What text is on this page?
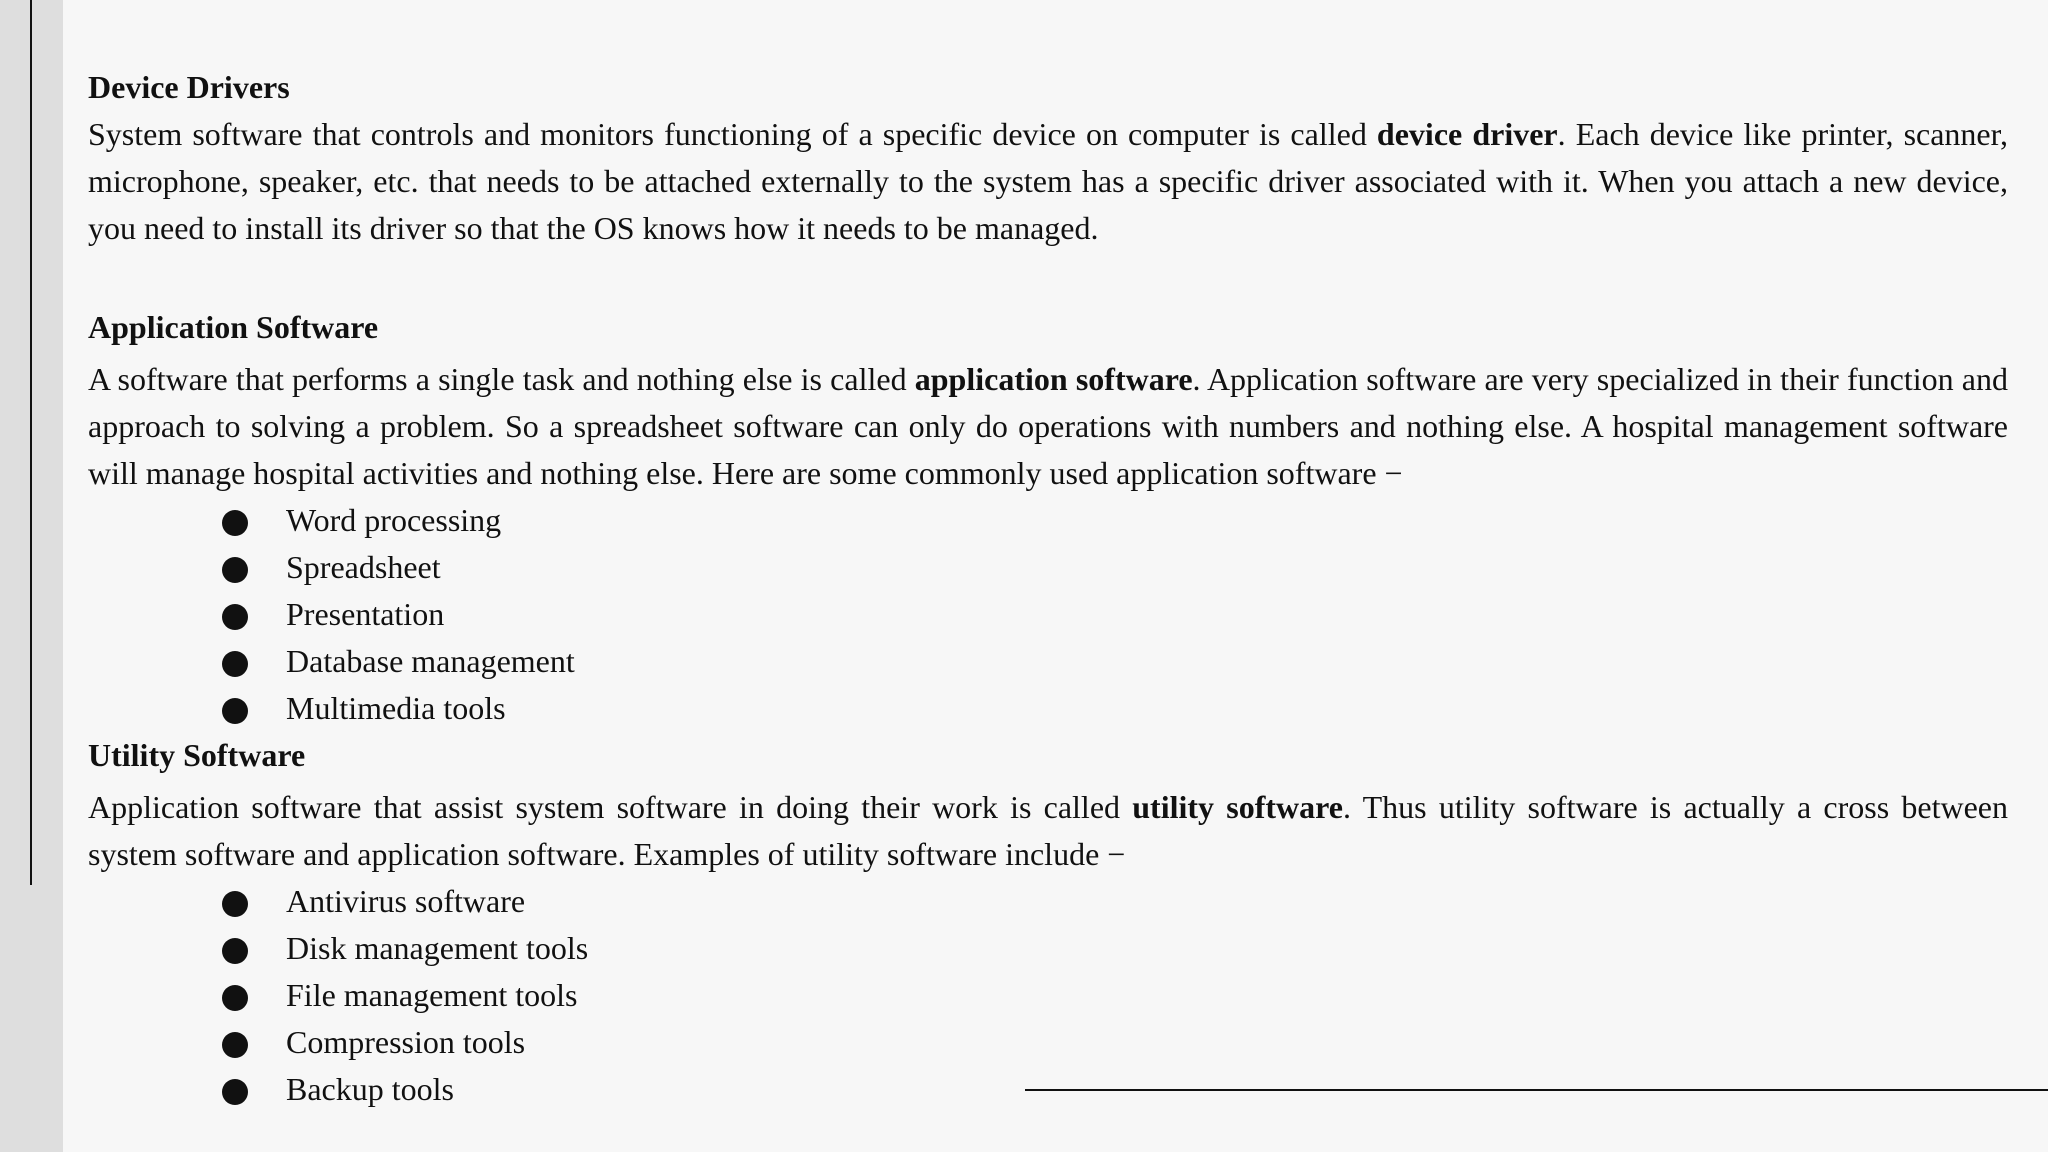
Device Drivers

System software that controls and monitors functioning of a specific device on computer is called device driver. Each device like printer, scanner, microphone, speaker, etc. that needs to be attached externally to the system has a specific driver associated with it. When you attach a new device, you need to install its driver so that the OS knows how it needs to be managed.

Application Software

A software that performs a single task and nothing else is called application software. Application software are very specialized in their function and approach to solving a problem. So a spreadsheet software can only do operations with numbers and nothing else. A hospital management software will manage hospital activities and nothing else. Here are some commonly used application software −

Word processing
Spreadsheet
Presentation
Database management
Multimedia tools

Utility Software

Application software that assist system software in doing their work is called utility software. Thus utility software is actually a cross between system software and application software. Examples of utility software include −

Antivirus software
Disk management tools
File management tools
Compression tools
Backup tools
